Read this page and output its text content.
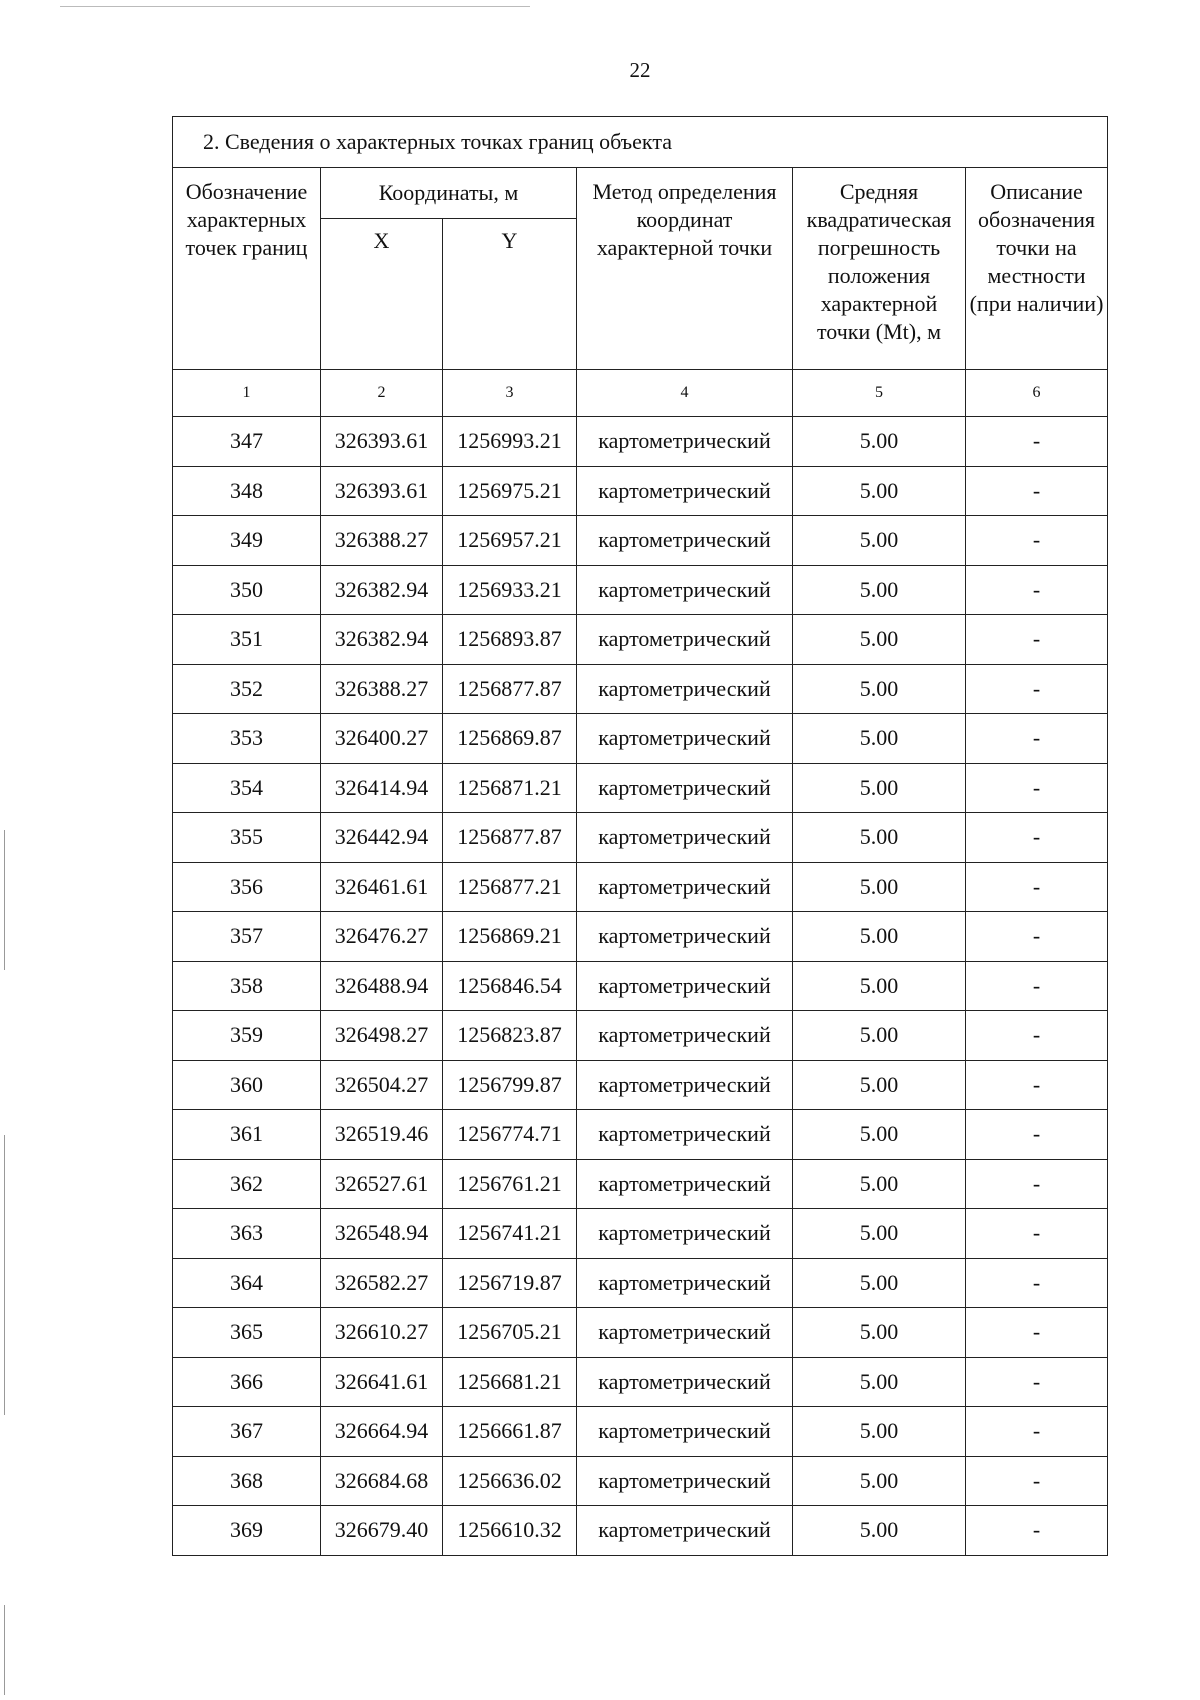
22
2. Сведения о характерных точках границ объекта					
Обозначение характерных точек границ	Координаты, м		Метод определения координат характерной точки	Средняя квадратическая погрешность положения характерной точки (Mt), м	Описание обозначения точки на местности (при наличии)
	X	Y			
1	2	3	4	5	6
347	326393.61	1256993.21	картометрический	5.00	-
348	326393.61	1256975.21	картометрический	5.00	-
349	326388.27	1256957.21	картометрический	5.00	-
350	326382.94	1256933.21	картометрический	5.00	-
351	326382.94	1256893.87	картометрический	5.00	-
352	326388.27	1256877.87	картометрический	5.00	-
353	326400.27	1256869.87	картометрический	5.00	-
354	326414.94	1256871.21	картометрический	5.00	-
355	326442.94	1256877.87	картометрический	5.00	-
356	326461.61	1256877.21	картометрический	5.00	-
357	326476.27	1256869.21	картометрический	5.00	-
358	326488.94	1256846.54	картометрический	5.00	-
359	326498.27	1256823.87	картометрический	5.00	-
360	326504.27	1256799.87	картометрический	5.00	-
361	326519.46	1256774.71	картометрический	5.00	-
362	326527.61	1256761.21	картометрический	5.00	-
363	326548.94	1256741.21	картометрический	5.00	-
364	326582.27	1256719.87	картометрический	5.00	-
365	326610.27	1256705.21	картометрический	5.00	-
366	326641.61	1256681.21	картометрический	5.00	-
367	326664.94	1256661.87	картометрический	5.00	-
368	326684.68	1256636.02	картометрический	5.00	-
369	326679.40	1256610.32	картометрический	5.00	-
